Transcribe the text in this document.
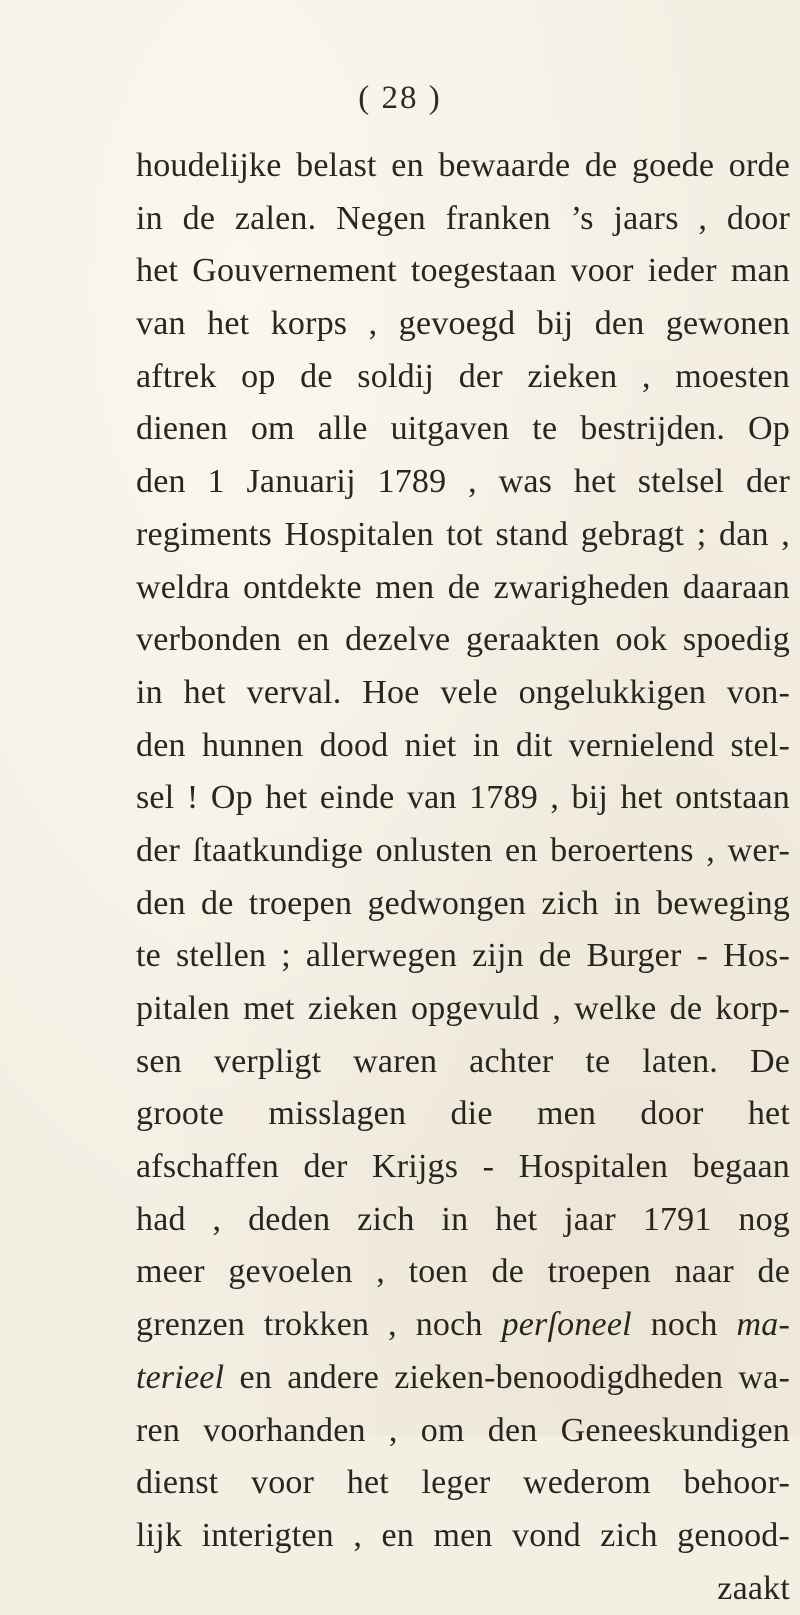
( 28 )
houdelijke belast en bewaarde de goede orde
in de zalen. Negen franken ’s jaars , door
het Gouvernement toegestaan voor ieder man
van het korps , gevoegd bij den gewonen
aftrek op de soldij der zieken , moesten
dienen om alle uitgaven te bestrijden. Op
den 1 Januarij 1789 , was het stelsel der
regiments Hospitalen tot stand gebragt ; dan ,
weldra ontdekte men de zwarigheden daaraan
verbonden en dezelve geraakten ook spoedig
in het verval. Hoe vele ongelukkigen von-
den hunnen dood niet in dit vernielend stel-
sel ! Op het einde van 1789 , bij het ontstaan
der ſtaatkundige onlusten en beroertens , wer-
den de troepen gedwongen zich in beweging
te stellen ; allerwegen zijn de Burger - Hos-
pitalen met zieken opgevuld , welke de korp-
sen verpligt waren achter te laten. De
groote misslagen die men door het
afschaffen der Krijgs - Hospitalen begaan
had , deden zich in het jaar 1791 nog
meer gevoelen , toen de troepen naar de
grenzen trokken , noch perſoneel noch ma-
terieel en andere zieken-benoodigdheden wa-
ren voorhanden , om den Geneeskundigen
dienst voor het leger wederom behoor-
lijk interigten , en men vond zich genood-
zaakt
